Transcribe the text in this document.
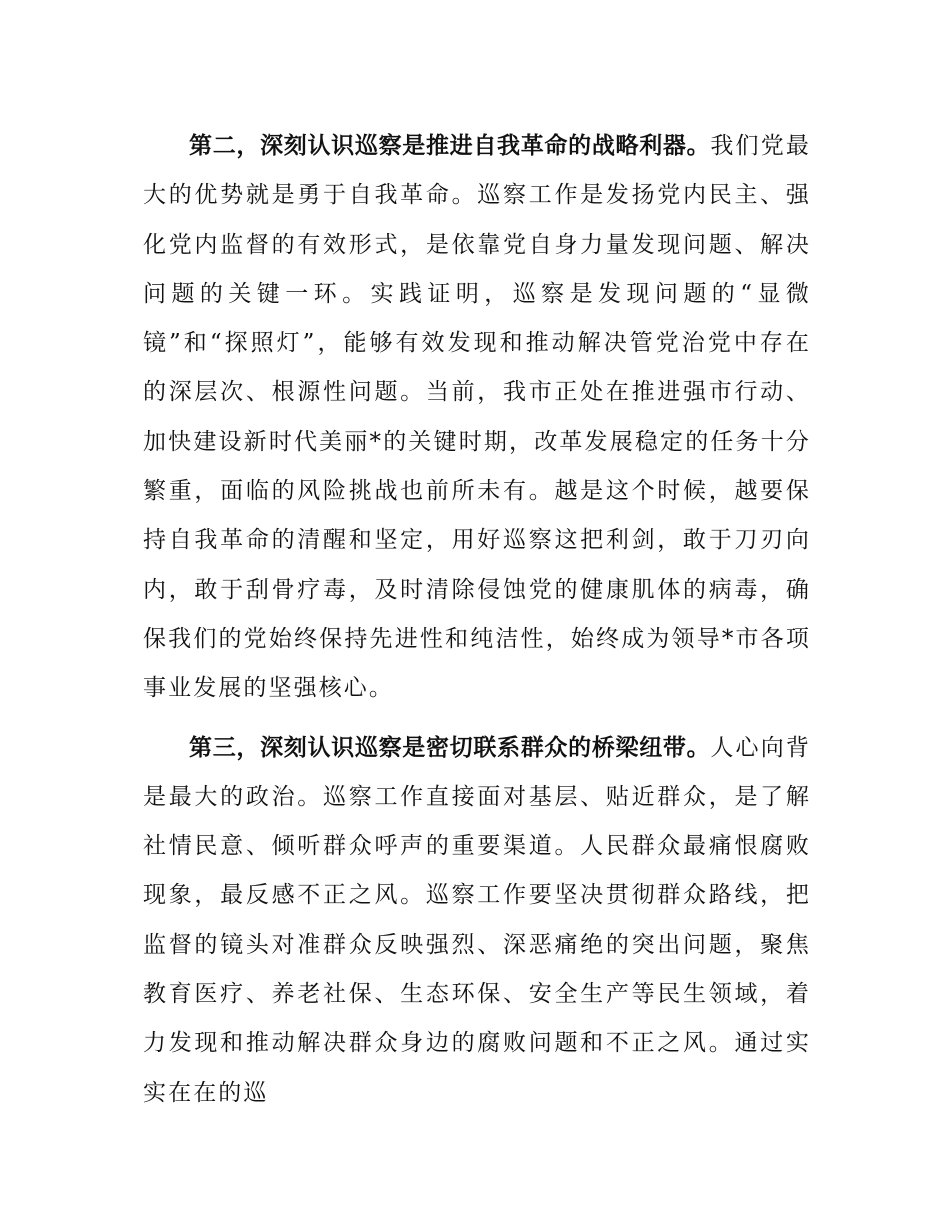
第二，深刻认识巡察是推进自我革命的战略利器。我们党最大的优势就是勇于自我革命。巡察工作是发扬党内民主、强化党内监督的有效形式，是依靠党自身力量发现问题、解决问题的关键一环。实践证明，巡察是发现问题的“显微镜”和“探照灯”，能够有效发现和推动解决管党治党中存在的深层次、根源性问题。当前，我市正处在推进强市行动、加快建设新时代美丽*的关键时期，改革发展稳定的任务十分繁重，面临的风险挑战也前所未有。越是这个时候，越要保持自我革命的清醒和坚定，用好巡察这把利剑，敢于刀刃向内，敢于刮骨疗毒，及时清除侵蚀党的健康肌体的病毒，确保我们的党始终保持先进性和纯洁性，始终成为领导*市各项事业发展的坚强核心。

第三，深刻认识巡察是密切联系群众的桥梁纽带。人心向背是最大的政治。巡察工作直接面对基层、贴近群众，是了解社情民意、倾听群众呼声的重要渠道。人民群众最痛恨腐败现象，最反感不正之风。巡察工作要坚决贯彻群众路线，把监督的镜头对准群众反映强烈、深恶痛绝的突出问题，聚焦教育医疗、养老社保、生态环保、安全生产等民生领域，着力发现和推动解决群众身边的腐败问题和不正之风。通过实实在在的巡
